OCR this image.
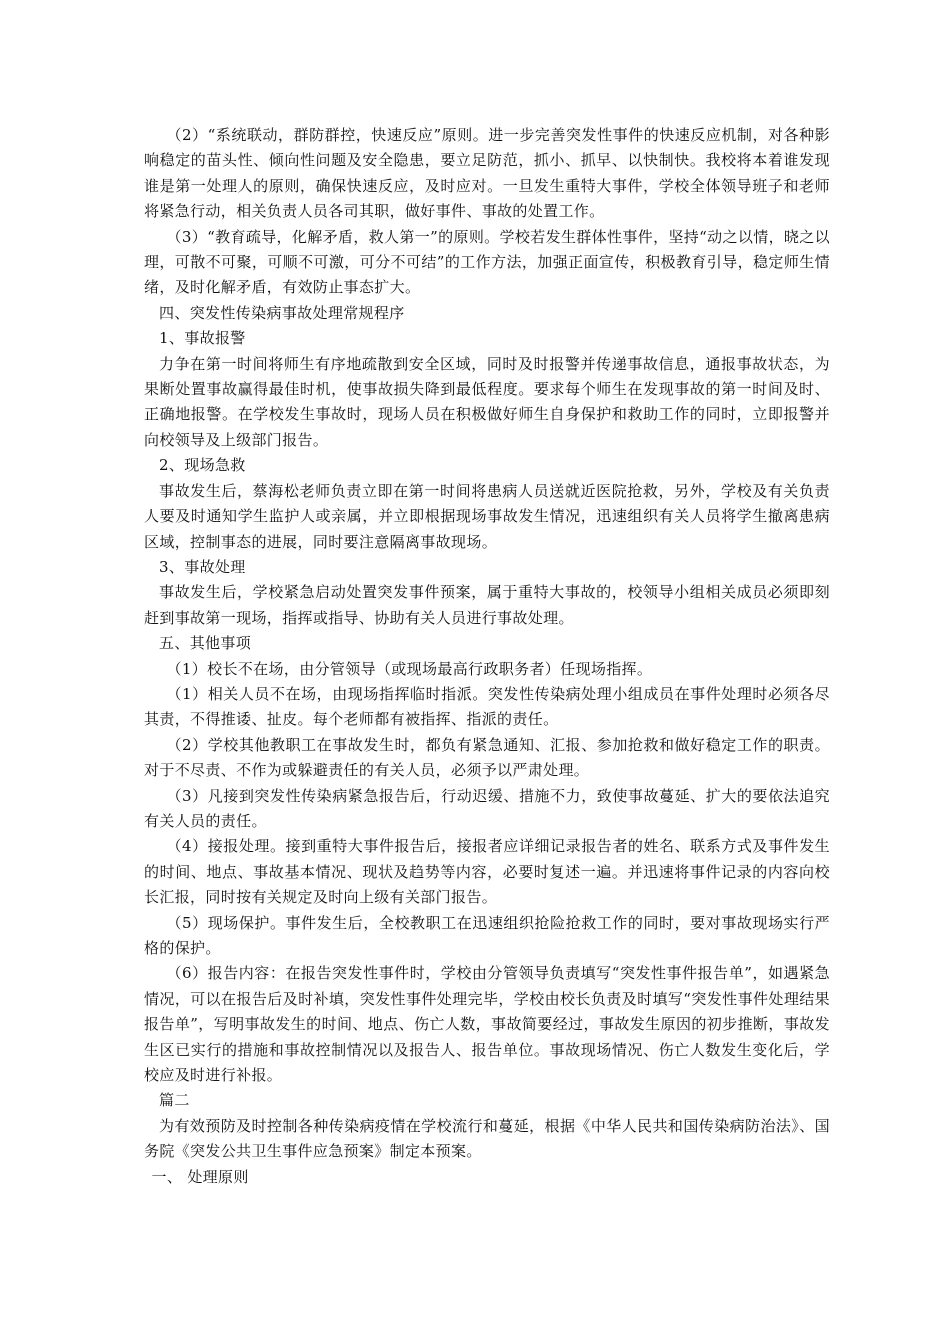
（2）“系统联动，群防群控，快速反应”原则。进一步完善突发性事件的快速反应机制，对各种影响稳定的苗头性、倾向性问题及安全隐患，要立足防范，抓小、抓早、以快制快。我校将本着谁发现谁是第一处理人的原则，确保快速反应，及时应对。一旦发生重特大事件，学校全体领导班子和老师将紧急行动，相关负责人员各司其职，做好事件、事故的处置工作。

（3）“教育疏导，化解矛盾，救人第一”的原则。学校若发生群体性事件，坚持“动之以情，晓之以理，可散不可聚，可顺不可激，可分不可结”的工作方法，加强正面宣传，积极教育引导，稳定师生情绪，及时化解矛盾，有效防止事态扩大。

四、突发性传染病事故处理常规程序

1、事故报警

力争在第一时间将师生有序地疏散到安全区域，同时及时报警并传递事故信息，通报事故状态，为果断处置事故赢得最佳时机，使事故损失降到最低程度。要求每个师生在发现事故的第一时间及时、正确地报警。在学校发生事故时，现场人员在积极做好师生自身保护和救助工作的同时，立即报警并向校领导及上级部门报告。

2、现场急救

事故发生后，蔡海松老师负责立即在第一时间将患病人员送就近医院抢救，另外，学校及有关负责人要及时通知学生监护人或亲属，并立即根据现场事故发生情况，迅速组织有关人员将学生撤离患病区域，控制事态的进展，同时要注意隔离事故现场。

3、事故处理

事故发生后，学校紧急启动处置突发事件预案，属于重特大事故的，校领导小组相关成员必须即刻赶到事故第一现场，指挥或指导、协助有关人员进行事故处理。

五、其他事项

（1）校长不在场，由分管领导（或现场最高行政职务者）任现场指挥。

（1）相关人员不在场，由现场指挥临时指派。突发性传染病处理小组成员在事件处理时必须各尽其责，不得推诿、扯皮。每个老师都有被指挥、指派的责任。

（2）学校其他教职工在事故发生时，都负有紧急通知、汇报、参加抢救和做好稳定工作的职责。对于不尽责、不作为或躲避责任的有关人员，必须予以严肃处理。

（3）凡接到突发性传染病紧急报告后，行动迟缓、措施不力，致使事故蔓延、扩大的要依法追究有关人员的责任。

（4）接报处理。接到重特大事件报告后，接报者应详细记录报告者的姓名、联系方式及事件发生的时间、地点、事故基本情况、现状及趋势等内容，必要时复述一遍。并迅速将事件记录的内容向校长汇报，同时按有关规定及时向上级有关部门报告。

（5）现场保护。事件发生后，全校教职工在迅速组织抢险抢救工作的同时，要对事故现场实行严格的保护。

（6）报告内容：在报告突发性事件时，学校由分管领导负责填写“突发性事件报告单”，如遇紧急情况，可以在报告后及时补填，突发性事件处理完毕，学校由校长负责及时填写“突发性事件处理结果报告单”，写明事故发生的时间、地点、伤亡人数，事故简要经过，事故发生原因的初步推断，事故发生区已实行的措施和事故控制情况以及报告人、报告单位。事故现场情况、伤亡人数发生变化后，学校应及时进行补报。

篇二

为有效预防及时控制各种传染病疫情在学校流行和蔓延，根据《中华人民共和国传染病防治法》、国务院《突发公共卫生事件应急预案》制定本预案。

一、 处理原则
